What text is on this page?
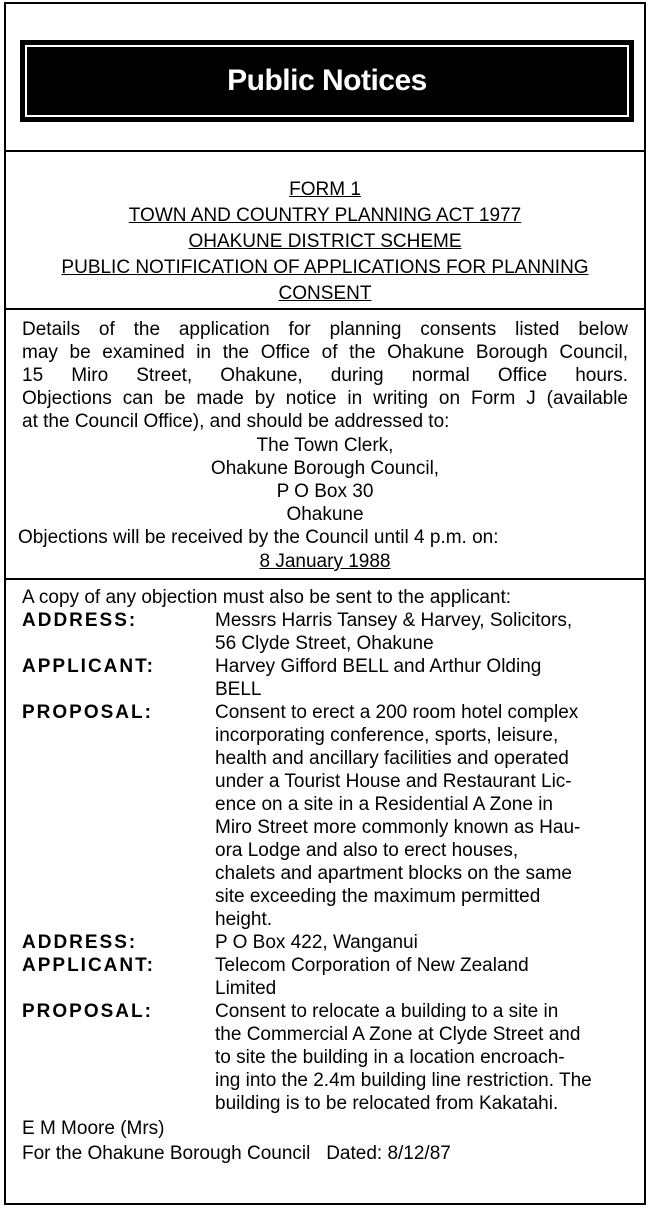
Public Notices
FORM 1
TOWN AND COUNTRY PLANNING ACT 1977
OHAKUNE DISTRICT SCHEME
PUBLIC NOTIFICATION OF APPLICATIONS FOR PLANNING
CONSENT
Details of the application for planning consents listed below
may be examined in the Office of the Ohakune Borough Council,
15 Miro Street, Ohakune, during normal Office hours.
Objections can be made by notice in writing on Form J (available
at the Council Office), and should be addressed to:
The Town Clerk,
Ohakune Borough Council,
P O Box 30
Ohakune
Objections will be received by the Council until 4 p.m. on:
8 January 1988
A copy of any objection must also be sent to the applicant:
ADDRESS:	Messrs Harris Tansey & Harvey, Solicitors,
56 Clyde Street, Ohakune
APPLICANT:	Harvey Gifford BELL and Arthur Olding
BELL
PROPOSAL:	Consent to erect a 200 room hotel complex
incorporating conference, sports, leisure,
health and ancillary facilities and operated
under a Tourist House and Restaurant Lic-
ence on a site in a Residential A Zone in
Miro Street more commonly known as Hau-
ora Lodge and also to erect houses,
chalets and apartment blocks on the same
site exceeding the maximum permitted
height.
ADDRESS:	P O Box 422, Wanganui
APPLICANT:	Telecom Corporation of New Zealand
Limited
PROPOSAL:	Consent to relocate a building to a site in
the Commercial A Zone at Clyde Street and
to site the building in a location encroach-
ing into the 2.4m building line restriction. The
building is to be relocated from Kakatahi.
E M Moore (Mrs)
For the Ohakune Borough Council Dated: 8/12/87
